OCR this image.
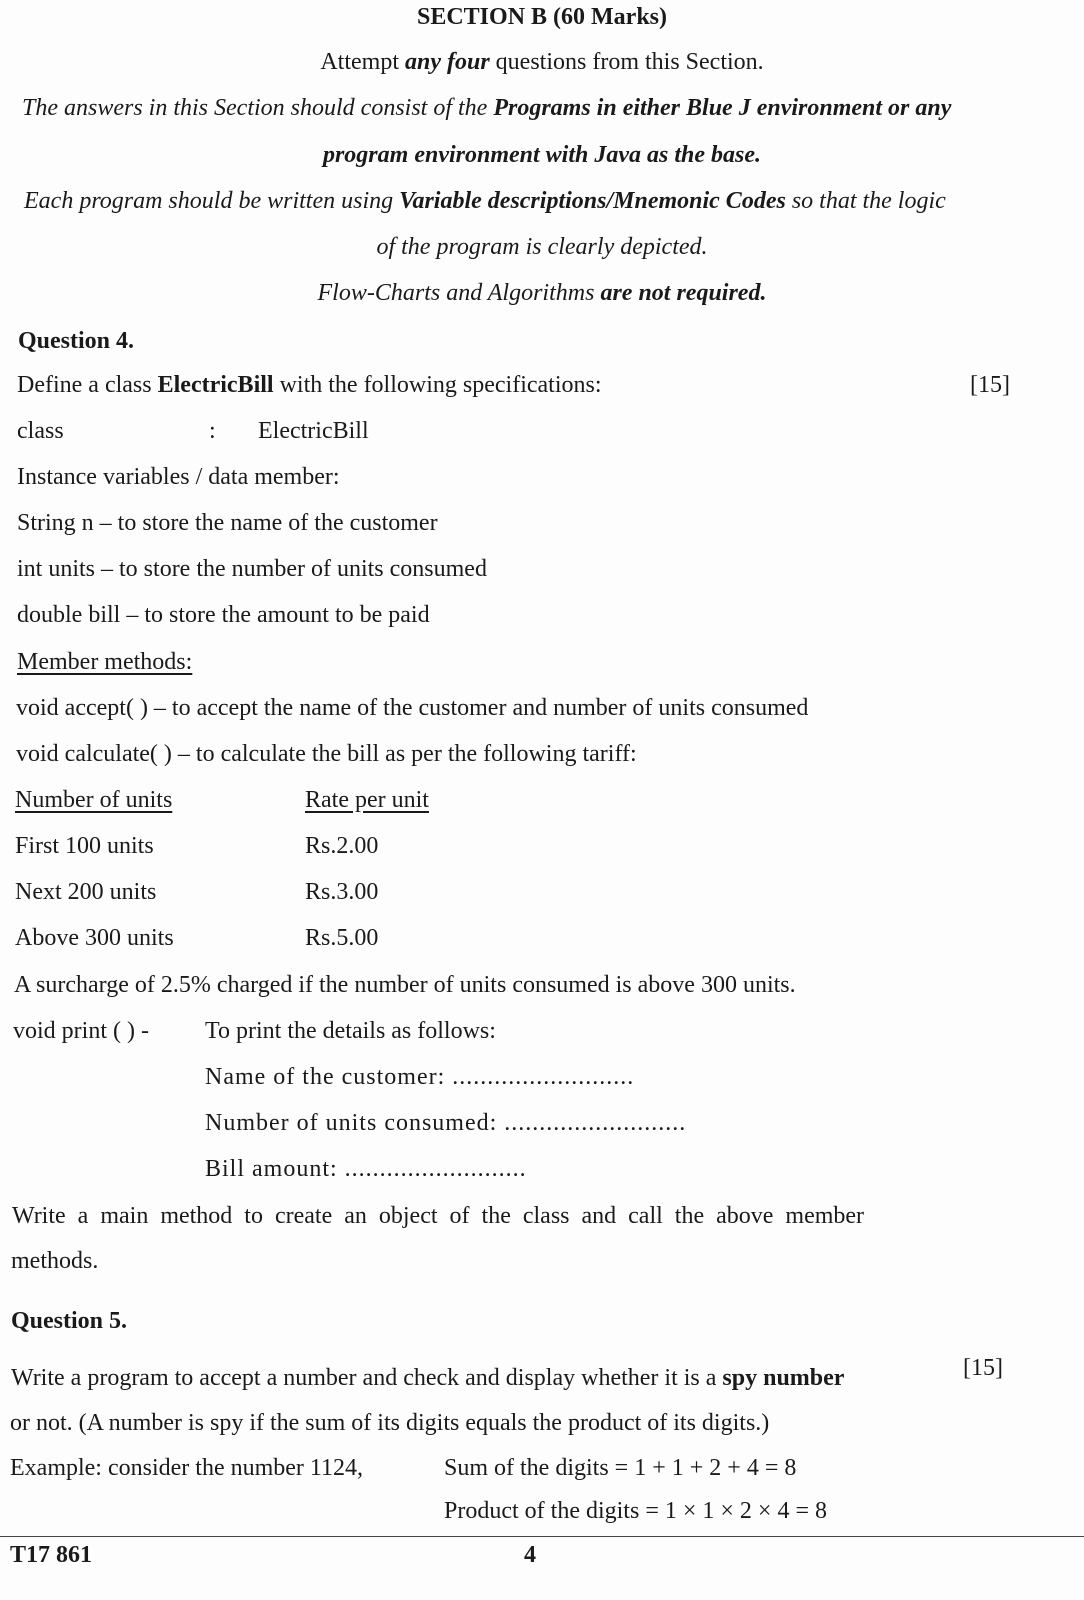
SECTION B (60 Marks)
Attempt any four questions from this Section.
The answers in this Section should consist of the Programs in either Blue J environment or any
program environment with Java as the base.
Each program should be written using Variable descriptions/Mnemonic Codes so that the logic
of the program is clearly depicted.
Flow-Charts and Algorithms are not required.
Question 4.
Define a class ElectricBill with the following specifications:	[15]
class	: ElectricBill
Instance variables / data member:
String n – to store the name of the customer
int units – to store the number of units consumed
double bill – to store the amount to be paid
Member methods:
void accept( ) – to accept the name of the customer and number of units consumed
void calculate( ) – to calculate the bill as per the following tariff:
Number of units	Rate per unit
First 100 units	Rs.2.00
Next 200 units	Rs.3.00
Above 300 units	Rs.5.00
A surcharge of 2.5% charged if the number of units consumed is above 300 units.
void print ( ) - To print the details as follows:
Name of the customer: ..........................
Number of units consumed: ..........................
Bill amount: ..........................
Write  a  main  method  to  create  an  object  of  the  class  and  call  the  above  member
methods.
Question 5.
Write a program to accept a number and check and display whether it is a spy number	[15]
or not. (A number is spy if the sum of its digits equals the product of its digits.)
Example: consider the number 1124,	Sum of the digits = 1 + 1 + 2 + 4 = 8
Product of the digits = 1 × 1 × 2 × 4 = 8
T17 861	4
